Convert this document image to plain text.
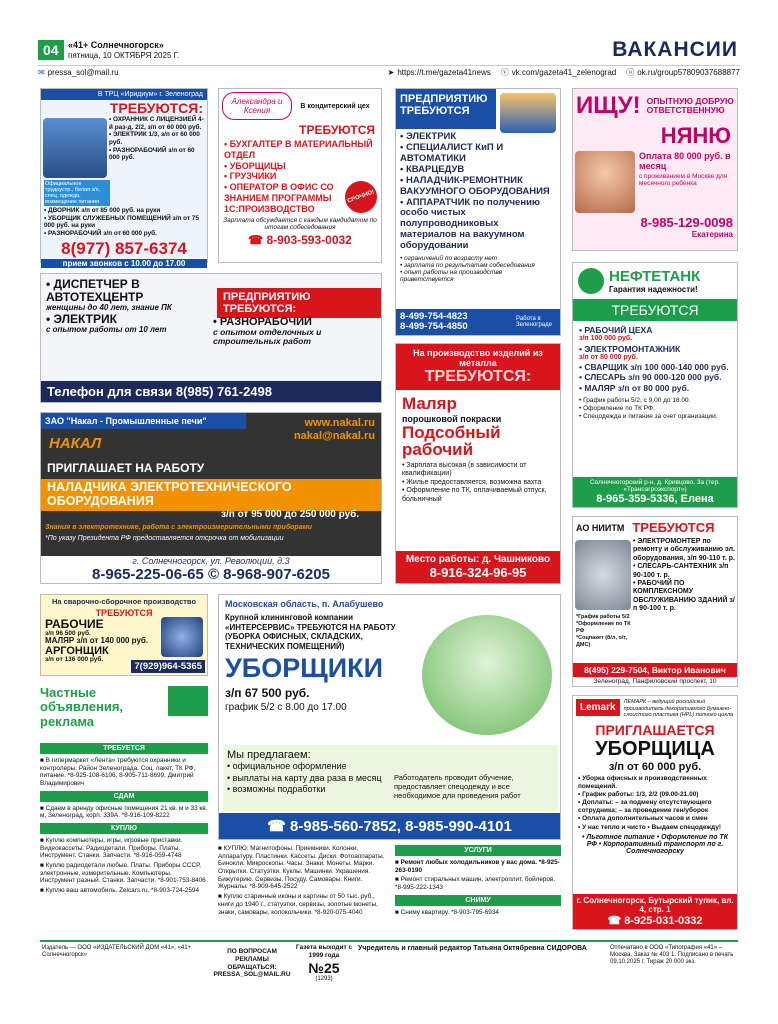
04	«41+ Солнечногорск»
пятница, 10 ОКТЯБРЯ 2025 Г.	ВАКАНСИИ
✉ pressa_sol@mail.ru	➤ https://t.me/gazeta41news ⓥ vk.com/gazeta41_zelenograd ⓞ ok.ru/group57809037688877
В ТРЦ «Иридиум» г. Зеленоград
ТРЕБУЮТСЯ:
• ОХРАННИК С ЛИЦЕНЗИЕЙ 4-й раз-д. 2/2, з/п от 60 000 руб.
• ЭЛЕКТРИК 1/3, з/п от 60 000 руб.
• РАЗНОРАБОЧИЙ з/п от 60 000 руб.
Официальное трудоустр., белая з/п, спец. одежда, возмещение питания
• ДВОРНИК з/п от 85 000 руб. на руки
• УБОРЩИК СЛУЖЕБНЫХ ПОМЕЩЕНИЙ з/п от 75 000 руб. на руки
• РАЗНОРАБОЧИЙ з/п от 60 000 руб.
8(977) 857-6374
прием звонков с 10.00 до 17.00
Александра и Ксения	В кондитерский цех
ТРЕБУЮТСЯ
• БУХГАЛТЕР В МАТЕРИАЛЬНЫЙ ОТДЕЛ
• УБОРЩИЦЫ
• ГРУЗЧИКИ
• ОПЕРАТОР В ОФИС СО ЗНАНИЕМ ПРОГРАММЫ 1С:ПРОИЗВОДСТВО
СРОЧНО!
Зарплата обсуждается с каждым кандидатом по итогам собеседования
☎ 8-903-593-0032
ПРЕДПРИЯТИЮ ТРЕБУЮТСЯ
• ЭЛЕКТРИК
• СПЕЦИАЛИСТ КиП И АВТОМАТИКИ
• КВАРЦЕДУВ
• НАЛАДЧИК-РЕМОНТНИК ВАКУУМНОГО ОБОРУДОВАНИЯ
• АППАРАТЧИК по получению особо чистых полупроводниковых материалов на вакуумном оборудовании
• ограничений по возрасту нет
• зарплата по результатам собеседования
• опыт работы на производстве приветствуется
8-499-754-4823
8-499-754-4850
Работа в Зеленограде
ИЩУ! ОПЫТНУЮ ДОБРУЮ ОТВЕТСТВЕННУЮ
НЯНЮ
Оплата 80 000 руб. в месяц
с проживанием в Москве для месячного ребенка
8-985-129-0098
Екатерина
• ДИСПЕТЧЕР В АВТОТЕХЦЕНТР
женщины до 40 лет, знание ПК
• ЭЛЕКТРИК
с опытом работы от 10 лет
ПРЕДПРИЯТИЮ ТРЕБУЮТСЯ:
• РАЗНОРАБОЧИЙ
с опытом отделочных и строительных работ
Телефон для связи 8(985) 761-2498
На производство изделий из металла
ТРЕБУЮТСЯ:
Маляр
порошковой покраски
Подсобный
рабочий
• Зарплата высокая (в зависимости от квалификации)
• Жилье предоставляется, возможна вахта
• Оформление по ТК, оплачиваемый отпуск, больничный
Место работы: д. Чашниково
8-916-324-96-95
НЕФТЕТАНК
Гарантия надежности!
ТРЕБУЮТСЯ
• РАБОЧИЙ ЦЕХА
з/п 100 000 руб.
• ЭЛЕКТРОМОНТАЖНИК
з/п от 80 000 руб.
• СВАРЩИК з/п 100 000-140 000 руб.
• СЛЕСАРЬ з/п 90 000-120 000 руб.
• МАЛЯР з/п от 80 000 руб.
• График работы 5/2, с 9.00 до 18.00.
• Оформление по ТК РФ.
• Спецодежда и питание за счет организации.
Солнечногорский р-н, д. Кривцово, 3а (тер. «Трансагроэкспорт»)
8-965-359-5336, Елена
ЗАО "Накал - Промышленные печи"
НАКАЛ
www.nakal.ru
nakal@nakal.ru
ПРИГЛАШАЕТ НА РАБОТУ
НАЛАДЧИКА ЭЛЕКТРОТЕХНИЧЕСКОГО ОБОРУДОВАНИЯ
з/п от 95 000 до 250 000 руб.
Знания в электротехнике, работа с электроизмерительными приборами
*По указу Президента РФ предоставляется отсрочка от мобилизации
г. Солнечногорск, ул. Революции, д.3
8-965-225-06-65 © 8-968-907-6205
АО НИИТМ ТРЕБУЮТСЯ
• ЭЛЕКТРОМОНТЕР по ремонту и обслуживанию эл. оборудования, з/п 90-110 т. р.
• СЛЕСАРЬ-САНТЕХНИК з/п 90-100 т. р.
• РАБОЧИЙ ПО КОМПЛЕКСНОМУ ОБСЛУЖИВАНИЮ ЗДАНИЙ з/п 90-100 т. р.
*График работы 5/2
*Оформление по ТК РФ
*Соцпакет (б/л, о/т, ДМС)
8(495) 229-7504, Виктор Иванович
Зеленоград, Панфиловский проспект, 10
На сварочно-сборочное производство
ТРЕБУЮТСЯ
РАБОЧИЕ
з/п 96 500 руб.
МАЛЯР з/п от 140 000 руб.
АРГОНЩИК
з/п от 136 000 руб.
7(929)964-5365
Московская область, п. Алабушево
Крупной клининговой компании «ИНТЕРСЕРВИС» ТРЕБУЮТСЯ НА РАБОТУ (УБОРКА ОФИСНЫХ, СКЛАДСКИХ, ТЕХНИЧЕСКИХ ПОМЕЩЕНИЙ)
УБОРЩИКИ
з/п 67 500 руб.
график 5/2 с 8.00 до 17.00
Мы предлагаем:
• официальное оформление
• выплаты на карту два раза в месяц
• возможны подработки
Работодатель проводит обучение, предоставляет спецодежду и все необходимое для проведения работ
☎ 8-985-560-7852, 8-985-990-4101
Lemark	ЛЕМАРК – ведущий российский производитель декоративного бумажно-слоистого пластика (HPL) полного цикла
ПРИГЛАШАЕТСЯ
УБОРЩИЦА
з/п от 60 000 руб.
• Уборка офисных и производственных помещений.
• График работы: 1/3, 2/2 (09.00-21.00)
• Доплаты: – за подмену отсутствующего сотрудника; – за проведение ген/уборок
• Оплата дополнительных часов и смен
• У нас тепло и чисто • Выдаем спецодежду!
• Льготное питание • Оформление по ТК РФ • Корпоративный транспорт по г. Солнечногорску
г. Солнечногорск, Бутырский тупик, вл. 4, стр. 1
☎ 8-925-031-0332
Частные объявления, реклама
ТРЕБУЕТСЯ
■ В гипермаркет «Лента» требуются охранники и контролеры. Район Зеленограда. Соц. пакет, ТК РФ, питание. *8-925-108-6106, 8-905-711-8699, Дмитрий Владимирович
СДАМ
■ Сдаем в аренду офисные помещения 21 кв. м и 33 кв. м, Зеленоград, корп. 339А. *8-916-109-8222
КУПЛЮ
■ Куплю компьютеры, игры, игровые приставки. Видеокассеты. Радиодетали. Приборы. Платы. Инструмент. Станки. Запчасти. *8-916-059-4748
■ Куплю радиодетали любые. Платы. Приборы СССР, электронные, измерительные. Компьютеры. Инструмент разный. Станки. Запчасти. *8-901-753-8406
■ Куплю ваш автомобиль. Zelcars.ru. *8-903-724-2594
■ КУПЛЮ: Магнитофоны. Приемники. Колонки. Аппаратуру. Пластинки. Кассеты. Диски. Фотоаппараты. Бинокли. Микроскопы. Часы. Знаки. Монеты. Марки. Открытки. Статуэтки. Куклы. Машинки. Украшения. Бижутерию. Сервизы. Посуду. Самовары. Книги. Журналы. *8-909-645-2522
■ Куплю старинные иконы и картины от 50 тыс. руб., книги до 1940 г., статуэтки, сервизы, золотые монеты, знаки, самовары, колокольчики. *8-920-075-4040
УСЛУГИ
■ Ремонт любых холодильников у вас дома. *8-925-263-0190
■ Ремонт стиральных машин, электроплит, бойлеров. *8-995-222-1343
СНИМУ
■ Сниму квартиру. *8-903-795-6934
Издатель — ООО «ИЗДАТЕЛЬСКИЙ ДОМ «41», «41+ Солнечногорск»
ПО ВОПРОСАМ РЕКЛАМЫ ОБРАЩАТЬСЯ: PRESSA_SOL@MAIL.RU
Газета выходит с 1999 года
№25
(1293)
Учредитель и главный редактор Татьяна Октябревна СИДОРОВА	Отпечатано в ООО «Типография «41» – Москва. Заказ № 403 1. Подписано в печать 09.10.2025 г. Тираж 20 000 экз.
